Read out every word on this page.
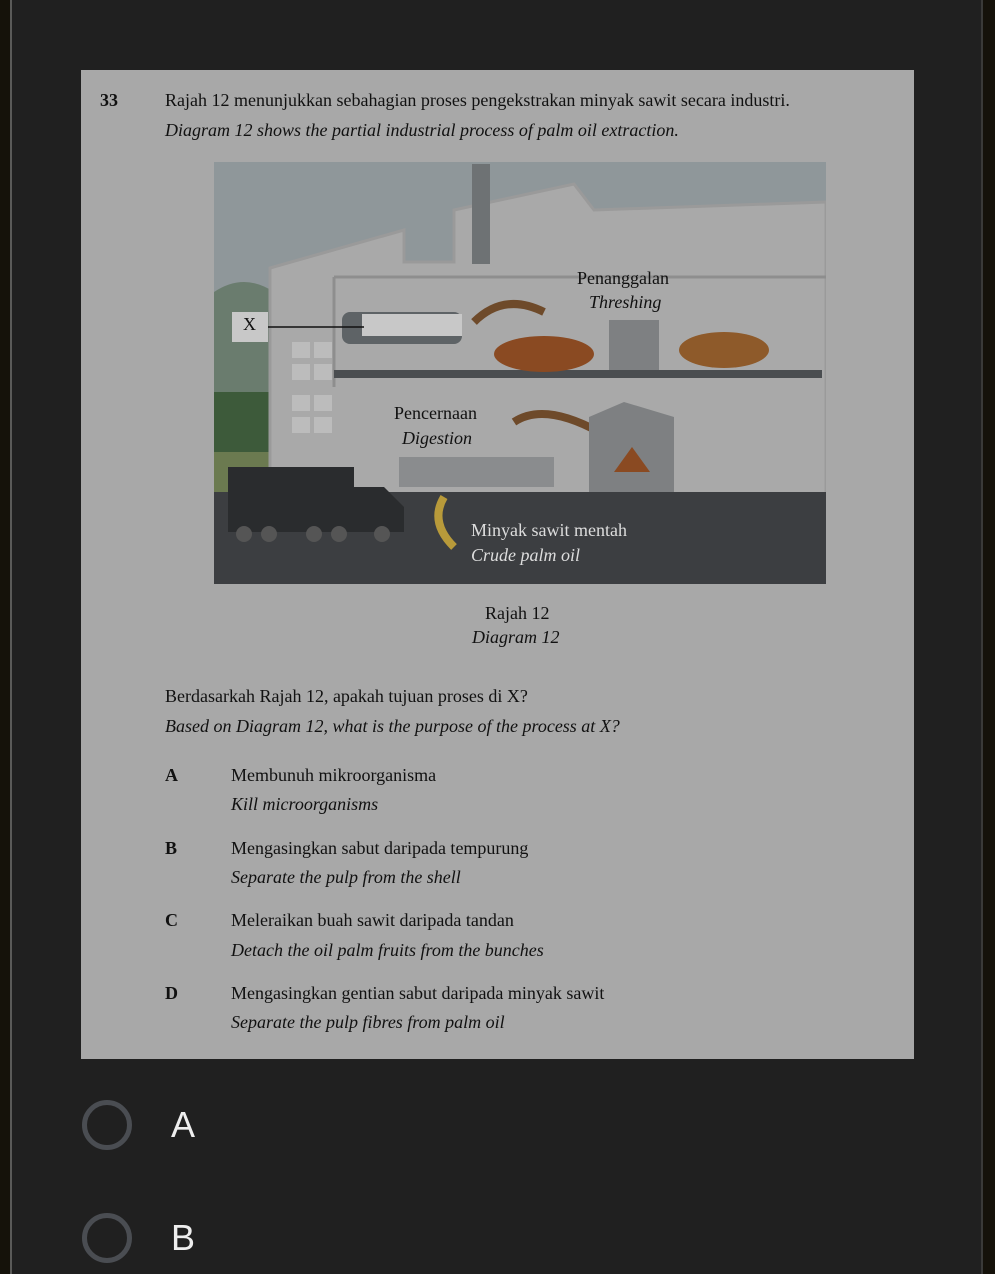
33	Rajah 12 menunjukkan sebahagian proses pengekstrakan minyak sawit secara industri.
Diagram 12 shows the partial industrial process of palm oil extraction.
X
Penanggalan
Threshing
Pencernaan
Digestion
Minyak sawit mentah
Crude palm oil
Rajah 12
Diagram 12
Berdasarkah Rajah 12, apakah tujuan proses di X?
Based on Diagram 12, what is the purpose of the process at X?
A	Membunuh mikroorganisma
Kill microorganisms
B	Mengasingkan sabut daripada tempurung
Separate the pulp from the shell
C	Meleraikan buah sawit daripada tandan
Detach the oil palm fruits from the bunches
D	Mengasingkan gentian sabut daripada minyak sawit
Separate the pulp fibres from palm oil
A
B
